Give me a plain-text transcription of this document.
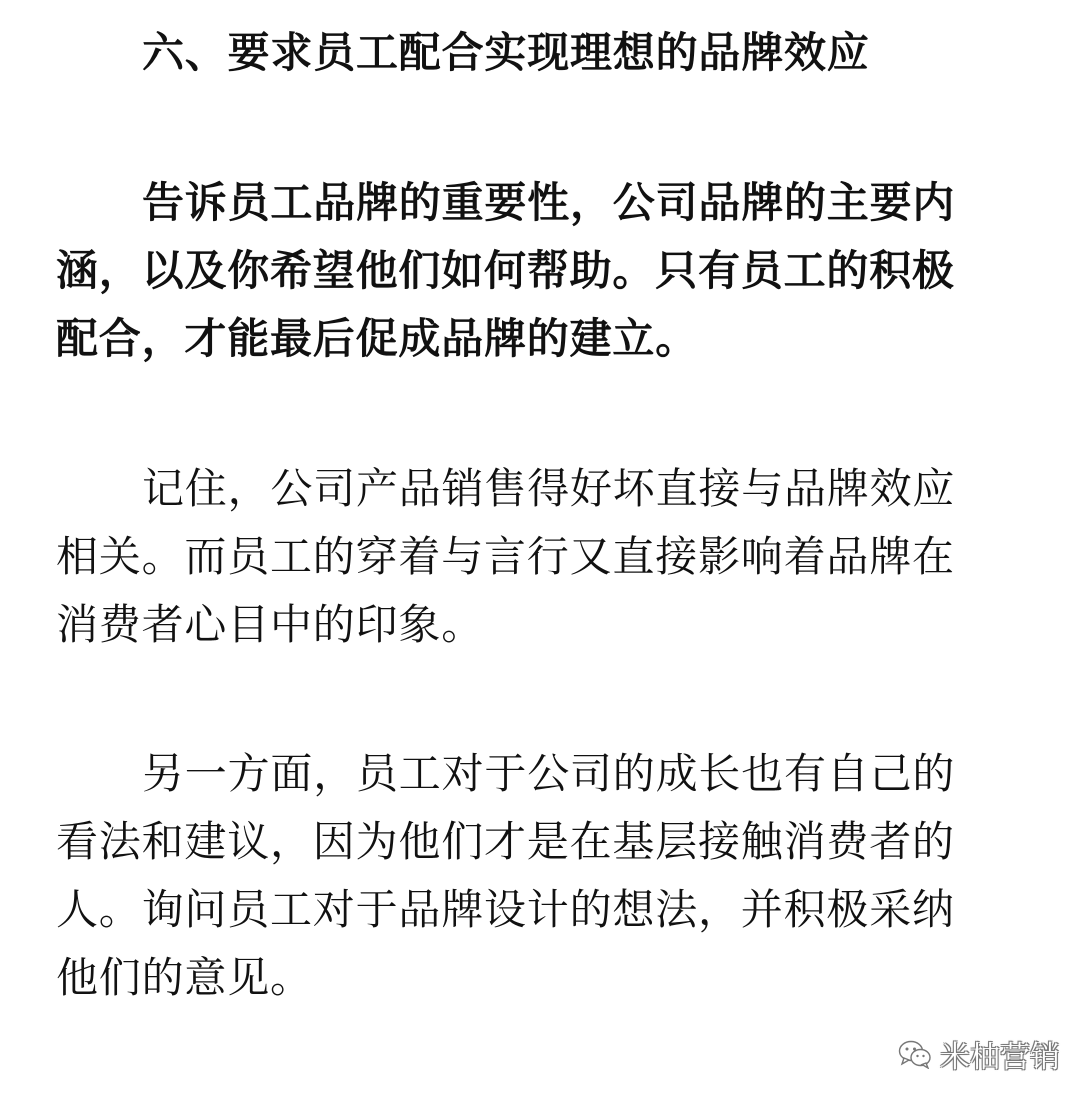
六、要求员工配合实现理想的品牌效应
告诉员工品牌的重要性，公司品牌的主要内
涵，以及你希望他们如何帮助。只有员工的积极
配合，才能最后促成品牌的建立。
记住，公司产品销售得好坏直接与品牌效应
相关。而员工的穿着与言行又直接影响着品牌在
消费者心目中的印象。
另一方面，员工对于公司的成长也有自己的
看法和建议，因为他们才是在基层接触消费者的
人。询问员工对于品牌设计的想法，并积极采纳
他们的意见。
米柚营销
